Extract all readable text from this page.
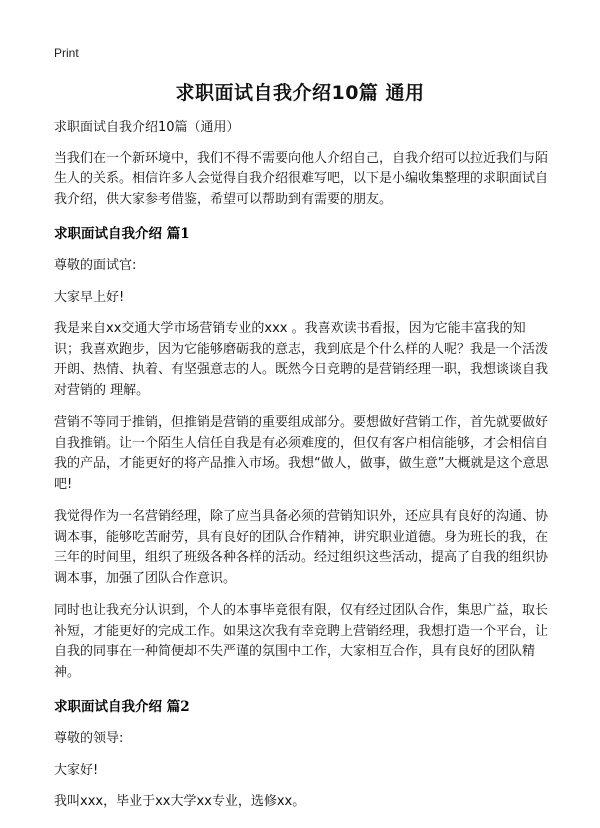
Print
求职面试自我介绍10篇 通用

求职面试自我介绍10篇（通用）

当我们在一个新环境中，我们不得不需要向他人介绍自己，自我介绍可以拉近我们与陌生人的关系。相信许多人会觉得自我介绍很难写吧，以下是小编收集整理的求职面试自我介绍，供大家参考借鉴，希望可以帮助到有需要的朋友。

求职面试自我介绍 篇1

尊敬的面试官:

大家早上好!

我是来自xx交通大学市场营销专业的xxx 。我喜欢读书看报，因为它能丰富我的知识；我喜欢跑步，因为它能够磨砺我的意志，我到底是个什么样的人呢？我是一个活泼开朗、热情、执着、有坚强意志的人。既然今日竞聘的是营销经理一职，我想谈谈自我对营销的 理解。

营销不等同于推销，但推销是营销的重要组成部分。要想做好营销工作，首先就要做好自我推销。让一个陌生人信任自我是有必须难度的，但仅有客户相信能够，才会相信自我的产品，才能更好的将产品推入市场。我想“做人，做事，做生意”大概就是这个意思吧!

我觉得作为一名营销经理，除了应当具备必须的营销知识外，还应具有良好的沟通、协调本事，能够吃苦耐劳，具有良好的团队合作精神，讲究职业道德。身为班长的我，在三年的时间里，组织了班级各种各样的活动。经过组织这些活动，提高了自我的组织协调本事，加强了团队合作意识。

同时也让我充分认识到，个人的本事毕竟很有限，仅有经过团队合作，集思广益，取长补短，才能更好的完成工作。如果这次我有幸竞聘上营销经理，我想打造一个平台，让自我的同事在一种简便却不失严谨的氛围中工作，大家相互合作，具有良好的团队精神。

求职面试自我介绍 篇2

尊敬的领导:

大家好!

我叫xxx，毕业于xx大学xx专业，选修xx。
